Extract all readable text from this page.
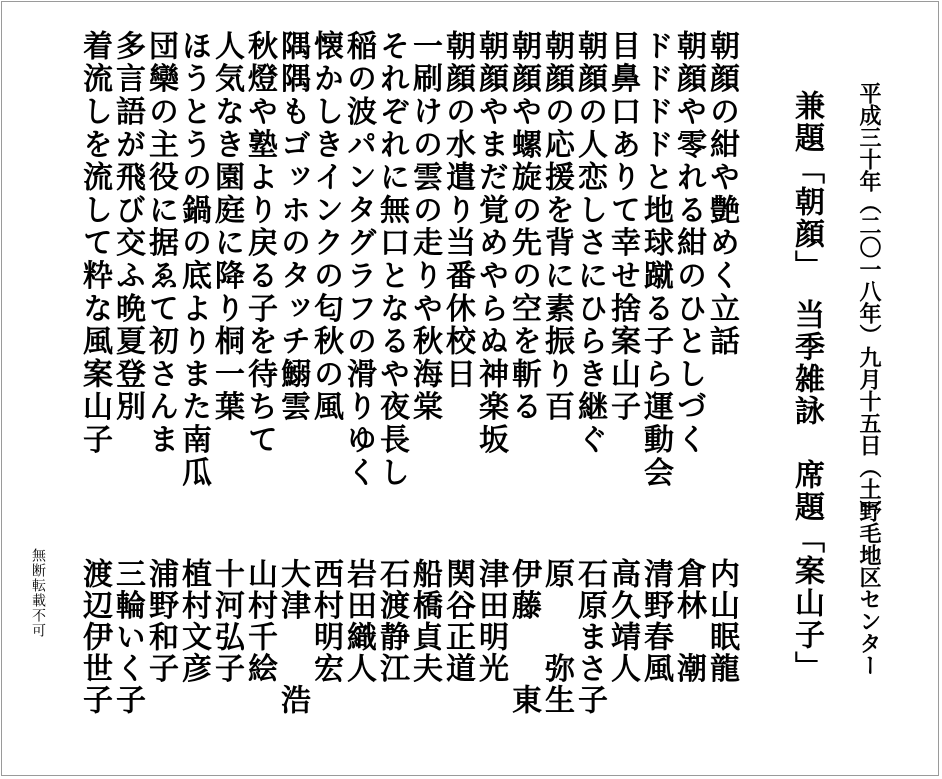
平成三十年（二〇一八年）九月十五日（土）
野毛地区センター
兼題「朝顔」　当季雑詠　席題「案山子」
朝顔の紺や艶めく立話
内山眠龍
朝顔や零れる紺のひとしづく
倉林　潮
ドドドドと地球蹴る子ら運動会
清野春風
目鼻口ありて幸せ捨案山子
高久靖人
朝顔の人恋しさにひらき継ぐ
石原まさ子
朝顔の応援を背に素振り百
原　　弥生
朝顔や螺旋の先の空を斬る
伊藤　　東
朝顔やまだ覚めやらぬ神楽坂
津田明光
朝顔の水遣り当番休校日
関谷正道
一刷けの雲の走りや秋海棠
船橋貞夫
それぞれに無口となるや夜長し
石渡静江
稲の波パンタグラフの滑りゆく
岩田織人
懐かしきインクの匂秋の風
西村明宏
隅隅もゴッホのタッチ鰯雲
大津　　浩
秋燈や塾より戻る子を待ちて
山村千絵
人気なき園庭に降り桐一葉
十河弘子
ほうとうの鍋の底よりまた南瓜
植村文彦
団欒の主役に据ゑて初さんま
浦野和子
多言語が飛び交ふ晩夏登別
三輪いく子
着流しを流して粋な風案山子
渡辺伊世子
無断転載不可
